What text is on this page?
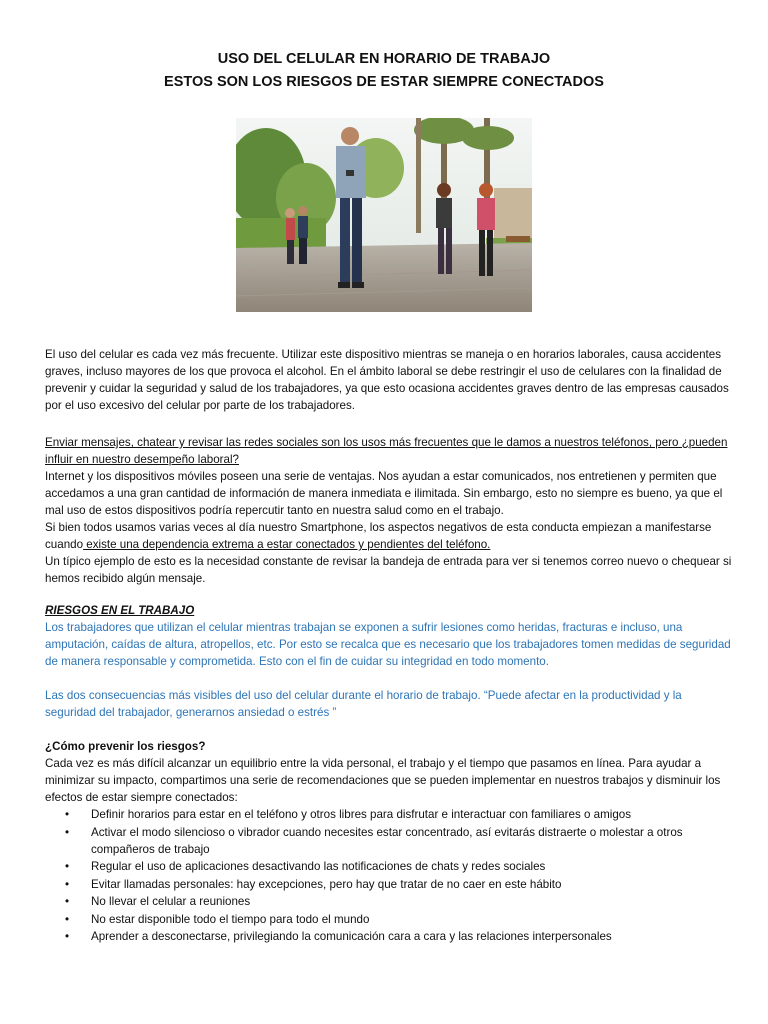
USO DEL CELULAR EN HORARIO DE TRABAJO
ESTOS SON LOS RIESGOS DE ESTAR SIEMPRE CONECTADOS
El uso del celular es cada vez más frecuente. Utilizar este dispositivo mientras se maneja o en horarios laborales, causa accidentes graves, incluso mayores de los que provoca el alcohol. En el ámbito laboral se debe restringir el uso de celulares con la finalidad de prevenir y cuidar la seguridad y salud de los trabajadores, ya que esto ocasiona accidentes graves dentro de las empresas causados por el uso excesivo del celular por parte de los trabajadores.
Enviar mensajes, chatear y revisar las redes sociales son los usos más frecuentes que le damos a nuestros teléfonos, pero ¿pueden influir en nuestro desempeño laboral?
Internet y los dispositivos móviles poseen una serie de ventajas. Nos ayudan a estar comunicados, nos entretienen y permiten que accedamos a una gran cantidad de información de manera inmediata e ilimitada. Sin embargo, esto no siempre es bueno, ya que el mal uso de estos dispositivos podría repercutir tanto en nuestra salud como en el trabajo.
Si bien todos usamos varias veces al día nuestro Smartphone, los aspectos negativos de esta conducta empiezan a manifestarse cuando existe una dependencia extrema a estar conectados y pendientes del teléfono.
Un típico ejemplo de esto es la necesidad constante de revisar la bandeja de entrada para ver si tenemos correo nuevo o chequear si hemos recibido algún mensaje.
RIESGOS EN EL TRABAJO
Los trabajadores que utilizan el celular mientras trabajan se exponen a sufrir lesiones como heridas, fracturas e incluso, una amputación, caídas de altura, atropellos, etc. Por esto se recalca que es necesario que los trabajadores tomen medidas de seguridad de manera responsable y comprometida. Esto con el fin de cuidar su integridad en todo momento.
Las dos consecuencias más visibles del uso del celular durante el horario de trabajo. “Puede afectar en la productividad y la seguridad del trabajador, generarnos ansiedad o estrés ”
¿Cómo prevenir los riesgos?
Cada vez es más difícil alcanzar un equilibrio entre la vida personal, el trabajo y el tiempo que pasamos en línea. Para ayudar a minimizar su impacto, compartimos una serie de recomendaciones que se pueden implementar en nuestros trabajos y disminuir los efectos de estar siempre conectados:
• Definir horarios para estar en el teléfono y otros libres para disfrutar e interactuar con familiares o amigos
• Activar el modo silencioso o vibrador cuando necesites estar concentrado, así evitarás distraerte o molestar a otros compañeros de trabajo
• Regular el uso de aplicaciones desactivando las notificaciones de chats y redes sociales
• Evitar llamadas personales: hay excepciones, pero hay que tratar de no caer en este hábito
• No llevar el celular a reuniones
• No estar disponible todo el tiempo para todo el mundo
• Aprender a desconectarse, privilegiando la comunicación cara a cara y las relaciones interpersonales
